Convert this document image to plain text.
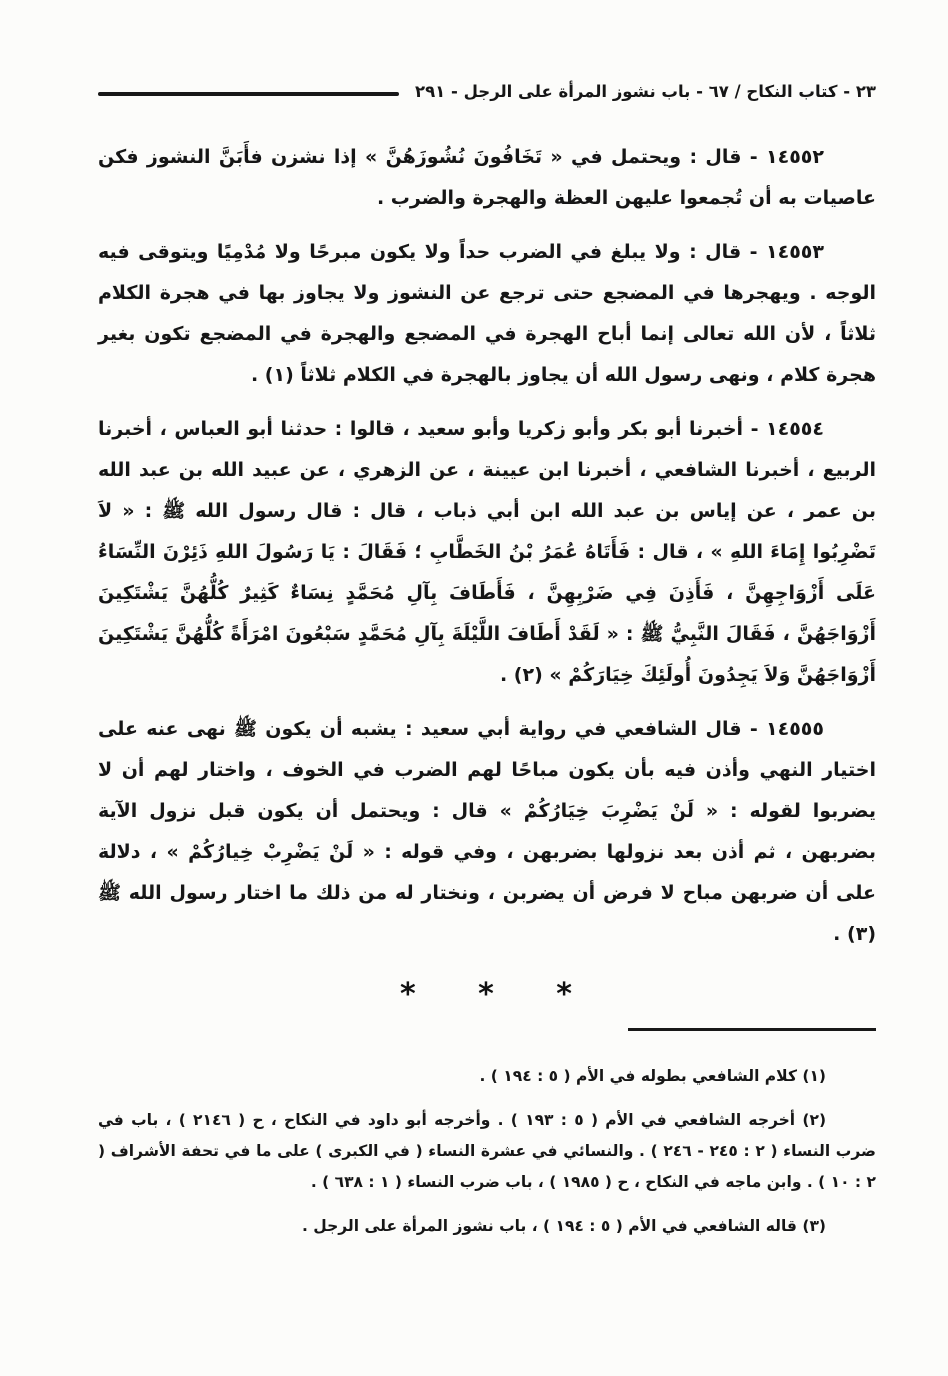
٢٣ - كتاب النكاح / ٦٧ - باب نشوز المرأة على الرجل - ٢٩١

١٤٥٥٢ - قال : ويحتمل في « تَخَافُونَ نُشُوزَهُنَّ » إذا نشزن فأَبَنَّ النشوز فكن عاصيات به أن تُجمعوا عليهن العظة والهجرة والضرب .

١٤٥٥٣ - قال : ولا يبلغ في الضرب حداً ولا يكون مبرحًا ولا مُدْمِيًا ويتوقى فيه الوجه . ويهجرها في المضجع حتى ترجع عن النشوز ولا يجاوز بها في هجرة الكلام ثلاثاً ، لأن الله تعالى إنما أباح الهجرة في المضجع والهجرة في المضجع تكون بغير هجرة كلام ، ونهى رسول الله أن يجاوز بالهجرة في الكلام ثلاثاً (١) .

١٤٥٥٤ - أخبرنا أبو بكر وأبو زكريا وأبو سعيد ، قالوا : حدثنا أبو العباس ، أخبرنا الربيع ، أخبرنا الشافعي ، أخبرنا ابن عيينة ، عن الزهري ، عن عبيد الله بن عبد الله بن عمر ، عن إياس بن عبد الله ابن أبي ذباب ، قال : قال رسول الله ﷺ : « لاَ تَضْرِبُوا إِمَاءَ اللهِ » ، قال : فَأَتَاهُ عُمَرُ بْنُ الخَطَّابِ ؛ فَقَالَ : يَا رَسُولَ اللهِ ذَئِرْنَ النِّسَاءُ عَلَى أَزْوَاجِهِنَّ ، فَأَذِنَ فِي ضَرْبِهِنَّ ، فَأَطَافَ بِآلِ مُحَمَّدٍ نِسَاءٌ كَثِيرٌ كُلُّهُنَّ يَشْتَكِينَ أَزْوَاجَهُنَّ ، فَقَالَ النَّبِيُّ ﷺ : « لَقَدْ أَطَافَ اللَّيْلَةَ بِآلِ مُحَمَّدٍ سَبْعُونَ امْرَأَةً كُلُّهُنَّ يَشْتَكِينَ أَزْوَاجَهُنَّ وَلاَ يَجِدُونَ أُولَئِكَ خِيَارَكُمْ » (٢) .

١٤٥٥٥ - قال الشافعي في رواية أبي سعيد : يشبه أن يكون ﷺ نهى عنه على اختيار النهي وأذن فيه بأن يكون مباحًا لهم الضرب في الخوف ، واختار لهم أن لا يضربوا لقوله : « لَنْ يَضْرِبَ خِيَارُكُمْ » قال : ويحتمل أن يكون قبل نزول الآية بضربهن ، ثم أذن بعد نزولها بضربهن ، وفي قوله : « لَنْ يَضْرِبْ خِيارُكُمْ » ، دلالة على أن ضربهن مباح لا فرض أن يضربن ، ونختار له من ذلك ما اختار رسول الله ﷺ (٣) .

* * *

(١) كلام الشافعي بطوله في الأم ( ٥ : ١٩٤ ) .

(٢) أخرجه الشافعي في الأم ( ٥ : ١٩٣ ) . وأخرجه أبو داود في النكاح ، ح ( ٢١٤٦ ) ، باب في ضرب النساء ( ٢ : ٢٤٥ - ٢٤٦ ) . والنسائي في عشرة النساء ( في الكبرى ) على ما في تحفة الأشراف ( ٢ : ١٠ ) . وابن ماجه في النكاح ، ح ( ١٩٨٥ ) ، باب ضرب النساء ( ١ : ٦٣٨ ) .

(٣) قاله الشافعي في الأم ( ٥ : ١٩٤ ) ، باب نشوز المرأة على الرجل .
